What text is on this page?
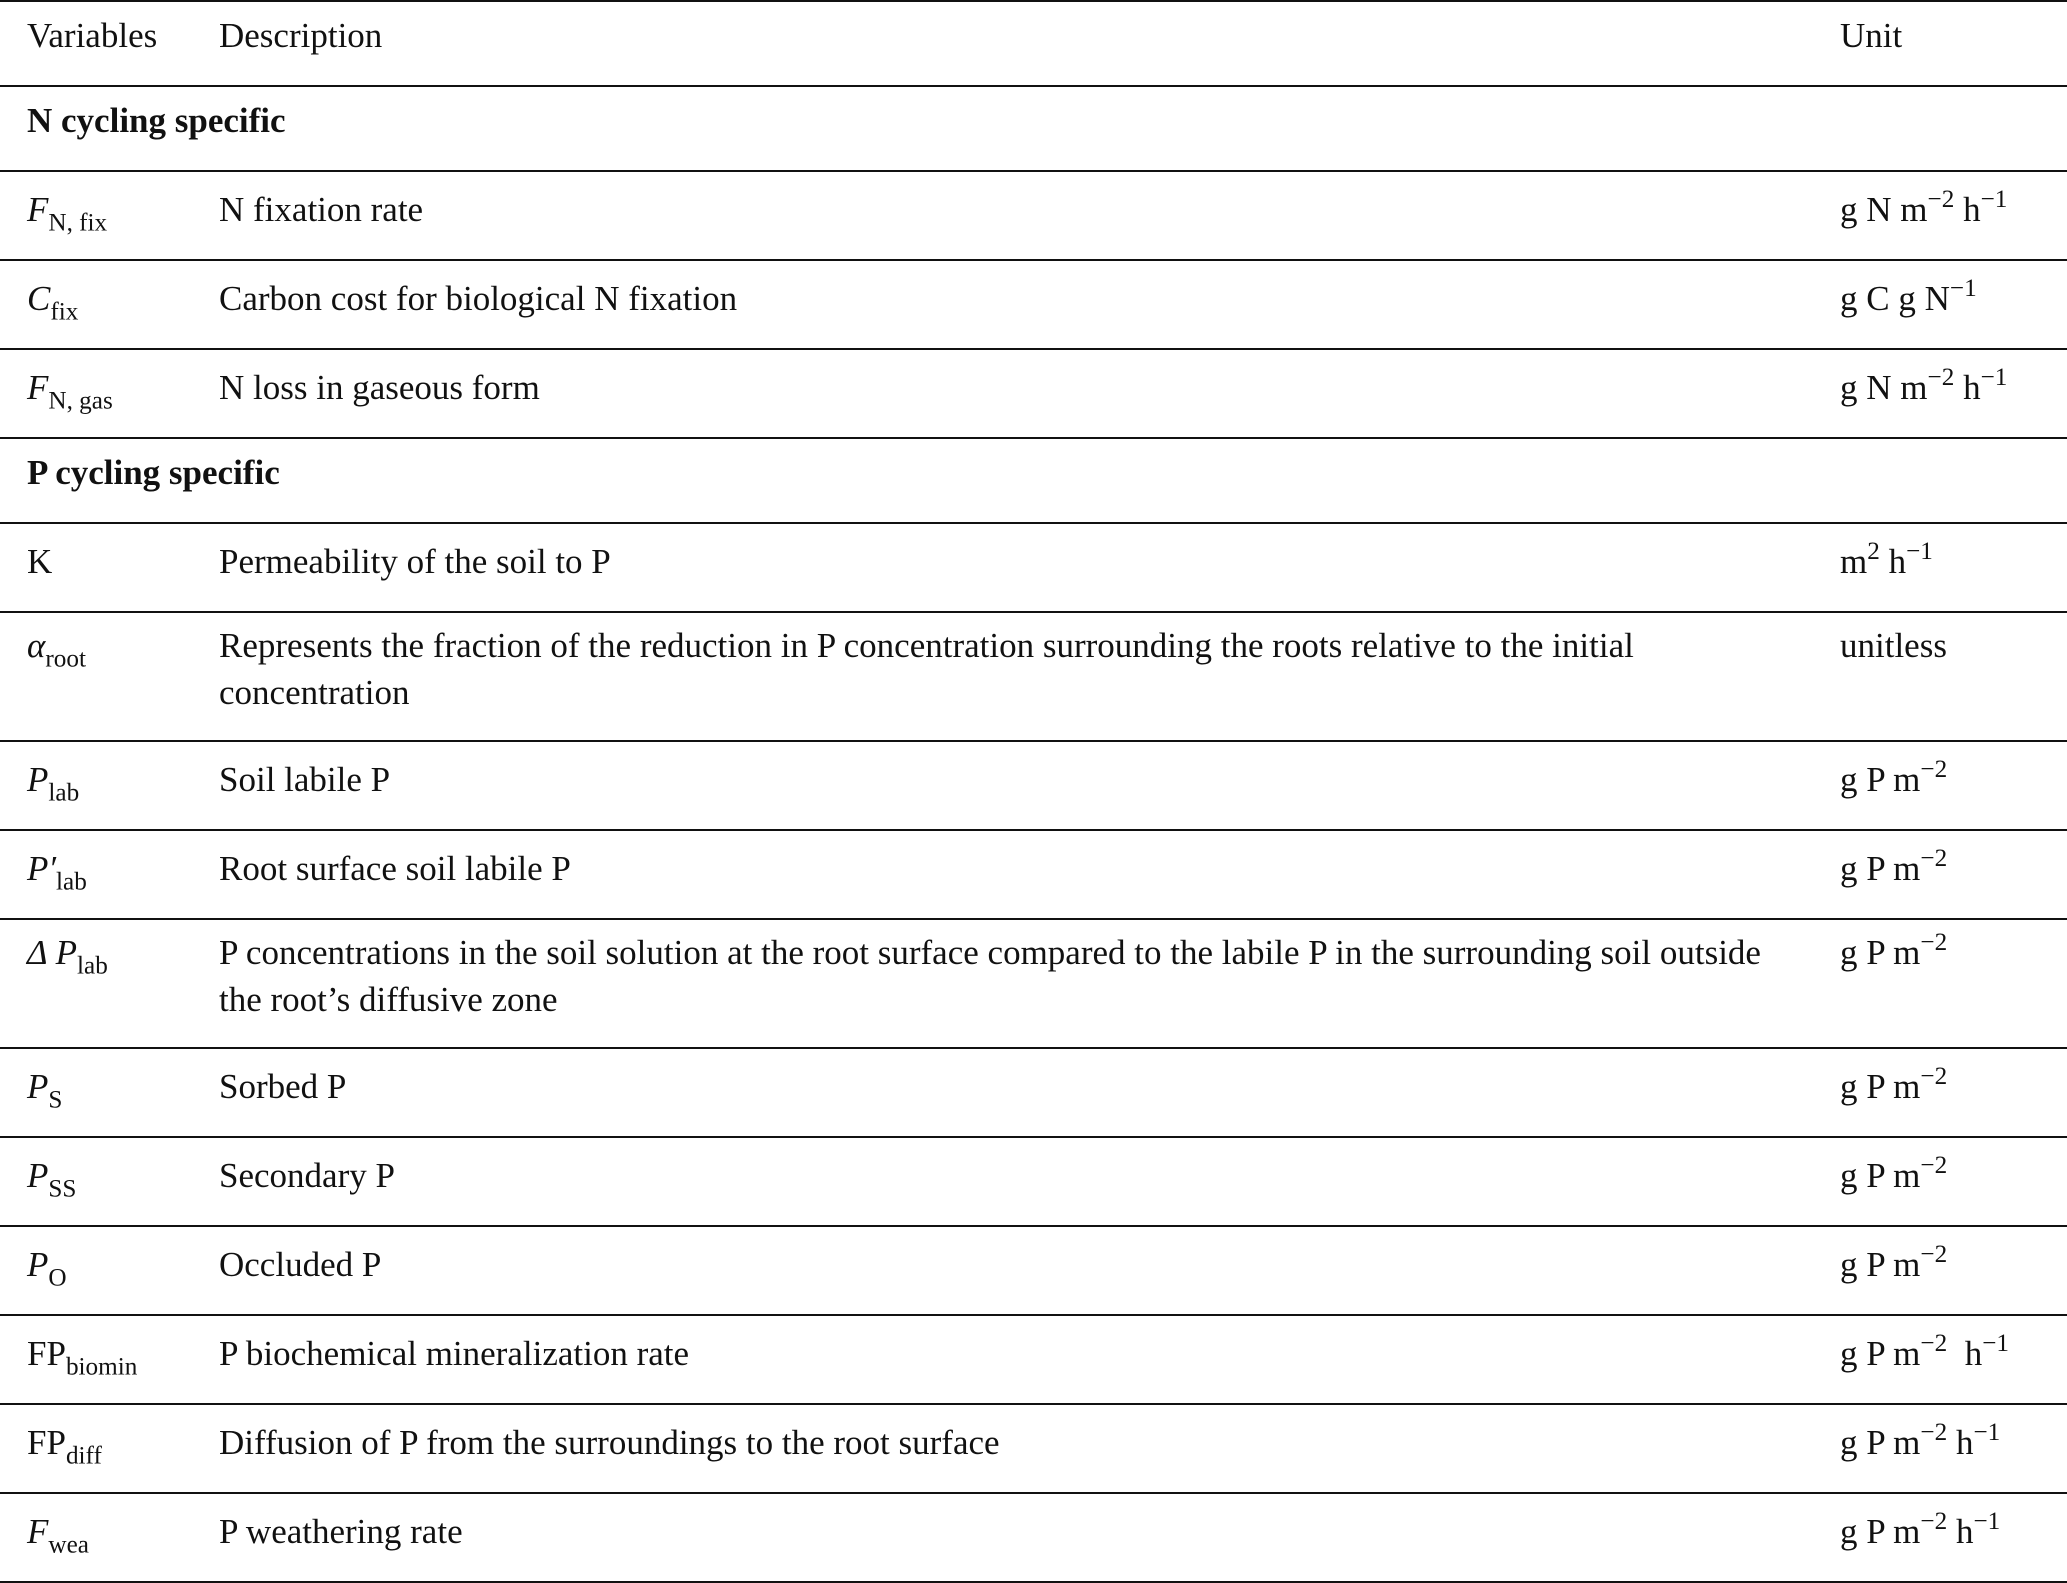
Variables	Description	Unit
N cycling specific		
$F_{N, fix}$	N fixation rate	g N $m^{-2}$ $h^{-1}$
$C_{fix}$	Carbon cost for biological N fixation	g C g $N^{-1}$
$F_{N, gas}$	N loss in gaseous form	g N $m^{-2}$ $h^{-1}$
P cycling specific		
K	Permeability of the soil to P	$m^2$ $h^{-1}$
$\alpha_{root}$	Represents the fraction of the reduction in P concentration surrounding the roots relative to the initial concentration	unitless
$P_{lab}$	Soil labile P	g P $m^{-2}$
$P'_{lab}$	Root surface soil labile P	g P $m^{-2}$
Δ $P_{lab}$	P concentrations in the soil solution at the root surface compared to the labile P in the surrounding soil outside the root’s diffusive zone	g P $m^{-2}$
$P_S$	Sorbed P	g P $m^{-2}$
$P_{SS}$	Secondary P	g P $m^{-2}$
$P_O$	Occluded P	g P $m^{-2}$
$FP_{biomin}$	P biochemical mineralization rate	g P $m^{-2}$  $h^{-1}$
$FP_{diff}$	Diffusion of P from the surroundings to the root surface	g P $m^{-2}$ $h^{-1}$
$F_{wea}$	P weathering rate	g P $m^{-2}$ $h^{-1}$
